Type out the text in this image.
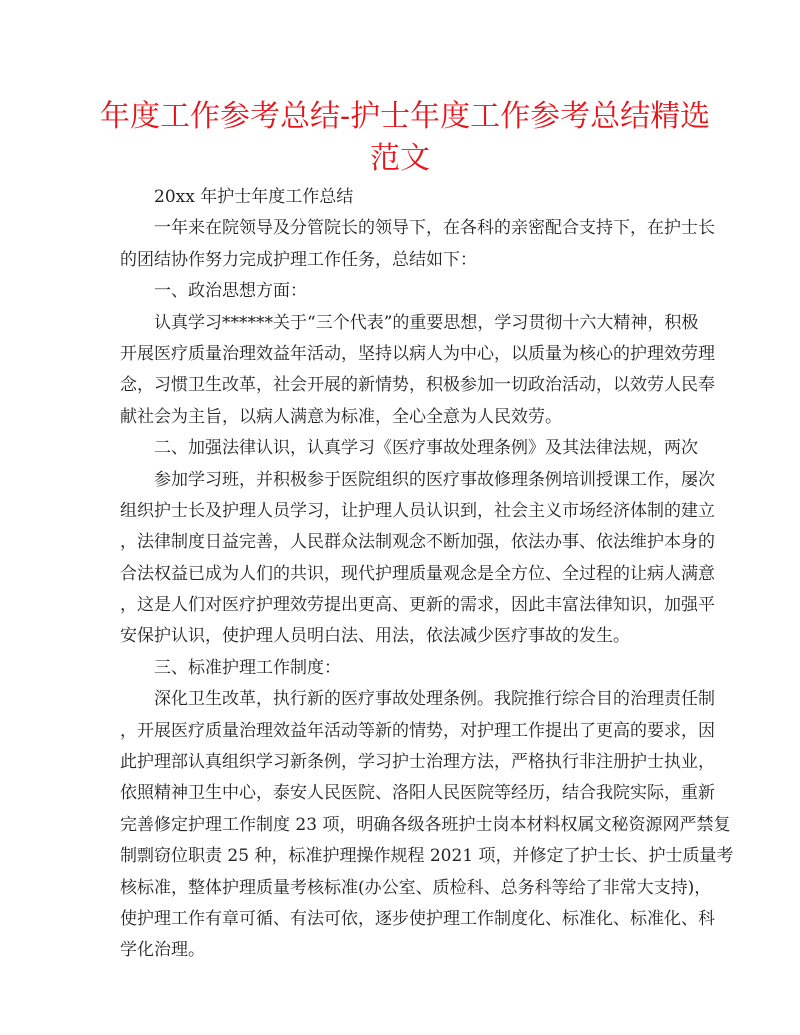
年度工作参考总结-护士年度工作参考总结精选
范文
20xx 年护士年度工作总结
一年来在院领导及分管院长的领导下，在各科的亲密配合支持下，在护士长
的团结协作努力完成护理工作任务，总结如下：
一、政治思想方面：
认真学习******关于“三个代表”的重要思想，学习贯彻十六大精神，积极
开展医疗质量治理效益年活动，坚持以病人为中心，以质量为核心的护理效劳理
念，习惯卫生改革，社会开展的新情势，积极参加一切政治活动，以效劳人民奉
献社会为主旨，以病人满意为标准，全心全意为人民效劳。
二、加强法律认识，认真学习《医疗事故处理条例》及其法律法规，两次
参加学习班，并积极参于医院组织的医疗事故修理条例培训授课工作，屡次
组织护士长及护理人员学习，让护理人员认识到，社会主义市场经济体制的建立
，法律制度日益完善，人民群众法制观念不断加强，依法办事、依法维护本身的
合法权益已成为人们的共识，现代护理质量观念是全方位、全过程的让病人满意
，这是人们对医疗护理效劳提出更高、更新的需求，因此丰富法律知识，加强平
安保护认识，使护理人员明白法、用法，依法减少医疗事故的发生。
三、标准护理工作制度：
深化卫生改革，执行新的医疗事故处理条例。我院推行综合目的治理责任制
，开展医疗质量治理效益年活动等新的情势，对护理工作提出了更高的要求，因
此护理部认真组织学习新条例，学习护士治理方法，严格执行非注册护士执业，
依照精神卫生中心，泰安人民医院、洛阳人民医院等经历，结合我院实际，重新
完善修定护理工作制度 23 项，明确各级各班护士岗本材料权属文秘资源网严禁复
制剽窃位职责 25 种，标准护理操作规程 2021 项，并修定了护士长、护士质量考
核标准，整体护理质量考核标准(办公室、质检科、总务科等给了非常大支持)，
使护理工作有章可循、有法可依，逐步使护理工作制度化、标准化、标准化、科
学化治理。
